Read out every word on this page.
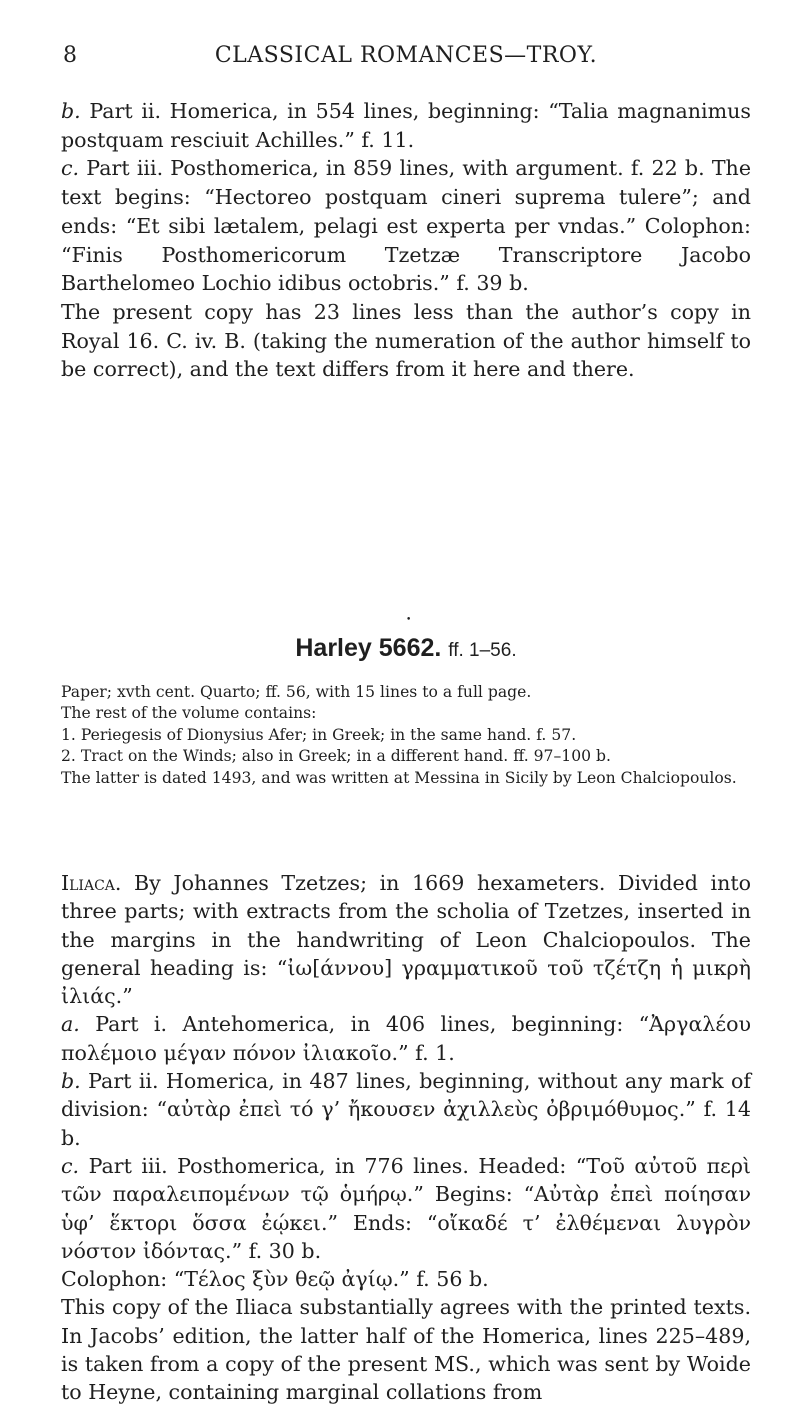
8	CLASSICAL ROMANCES—TROY.

b. Part ii. Homerica, in 554 lines, beginning: “Talia magnanimus postquam resciuit Achilles.” f. 11.

c. Part iii. Posthomerica, in 859 lines, with argument. f. 22 b. The text begins: “Hectoreo postquam cineri suprema tulere”; and ends: “Et sibi lætalem, pelagi est experta per vndas.” Colophon: “Finis Posthomericorum Tzetzæ Transcriptore Jacobo Barthelomeo Lochio idibus octobris.” f. 39 b.

The present copy has 23 lines less than the author’s copy in Royal 16. C. iv. B. (taking the numeration of the author himself to be correct), and the text differs from it here and there.

•
Harley 5662. ff. 1–56.

Paper; xvth cent. Quarto; ff. 56, with 15 lines to a full page.

The rest of the volume contains:

1. Periegesis of Dionysius Afer; in Greek; in the same hand. f. 57.

2. Tract on the Winds; also in Greek; in a different hand. ff. 97–100 b.

The latter is dated 1493, and was written at Messina in Sicily by Leon Chalciopoulos.

Iliaca. By Johannes Tzetzes; in 1669 hexameters. Divided into three parts; with extracts from the scholia of Tzetzes, inserted in the margins in the handwriting of Leon Chalciopoulos. The general heading is: “ἰω[άννου] γραμματικοῦ τοῦ τζέτζη ἡ μικρὴ ἰλιάς.”

a. Part i. Antehomerica, in 406 lines, beginning: “Ἀργαλέου πολέμοιο μέγαν πόνον ἰλιακοῖο.” f. 1.

b. Part ii. Homerica, in 487 lines, beginning, without any mark of division: “αὐτὰρ ἐπεὶ τό γ’ ἤκουσεν ἀχιλλεὺς ὀβριμόθυμος.” f. 14 b.

c. Part iii. Posthomerica, in 776 lines. Headed: “Τοῦ αὐτοῦ περὶ τῶν παραλειπομένων τῷ ὁμήρῳ.” Begins: “Αὐτὰρ ἐπεὶ ποίησαν ὑφ’ ἕκτορι ὅσσα ἐῴκει.” Ends: “οἴκαδέ τ’ ἐλθέμεναι λυγρὸν νόστον ἰδόντας.” f. 30 b.

Colophon: “Τέλος ξὺν θεῷ ἀγίῳ.” f. 56 b.

This copy of the Iliaca substantially agrees with the printed texts. In Jacobs’ edition, the latter half of the Homerica, lines 225–489, is taken from a copy of the present MS., which was sent by Woide to Heyne, containing marginal collations from
